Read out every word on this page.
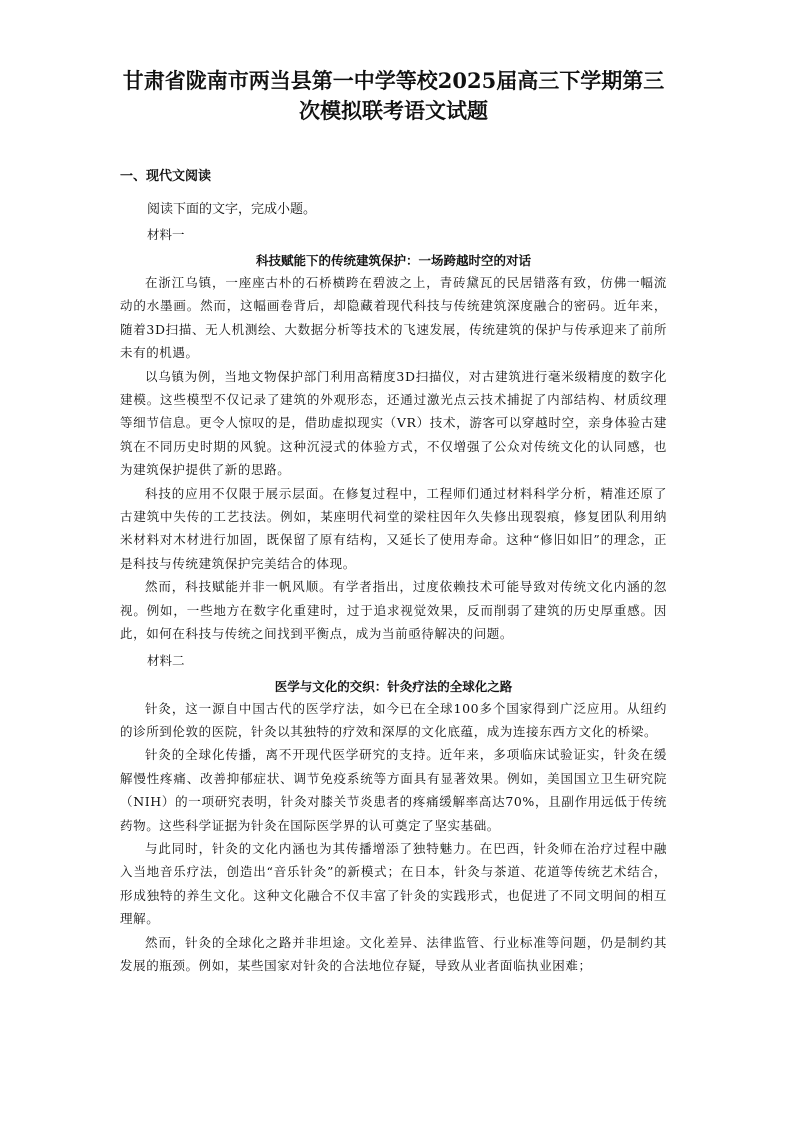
甘肃省陇南市两当县第一中学等校2025届高三下学期第三次模拟联考语文试题
一、现代文阅读
阅读下面的文字，完成小题。
材料一
科技赋能下的传统建筑保护：一场跨越时空的对话

在浙江乌镇，一座座古朴的石桥横跨在碧波之上，青砖黛瓦的民居错落有致，仿佛一幅流动的水墨画。然而，这幅画卷背后，却隐藏着现代科技与传统建筑深度融合的密码。近年来，随着3D扫描、无人机测绘、大数据分析等技术的飞速发展，传统建筑的保护与传承迎来了前所未有的机遇。

以乌镇为例，当地文物保护部门利用高精度3D扫描仪，对古建筑进行毫米级精度的数字化建模。这些模型不仅记录了建筑的外观形态，还通过激光点云技术捕捉了内部结构、材质纹理等细节信息。更令人惊叹的是，借助虚拟现实（VR）技术，游客可以穿越时空，亲身体验古建筑在不同历史时期的风貌。这种沉浸式的体验方式，不仅增强了公众对传统文化的认同感，也为建筑保护提供了新的思路。

科技的应用不仅限于展示层面。在修复过程中，工程师们通过材料科学分析，精准还原了古建筑中失传的工艺技法。例如，某座明代祠堂的梁柱因年久失修出现裂痕，修复团队利用纳米材料对木材进行加固，既保留了原有结构，又延长了使用寿命。这种“修旧如旧”的理念，正是科技与传统建筑保护完美结合的体现。

然而，科技赋能并非一帆风顺。有学者指出，过度依赖技术可能导致对传统文化内涵的忽视。例如，一些地方在数字化重建时，过于追求视觉效果，反而削弱了建筑的历史厚重感。因此，如何在科技与传统之间找到平衡点，成为当前亟待解决的问题。

材料二
医学与文化的交织：针灸疗法的全球化之路

针灸，这一源自中国古代的医学疗法，如今已在全球100多个国家得到广泛应用。从纽约的诊所到伦敦的医院，针灸以其独特的疗效和深厚的文化底蕴，成为连接东西方文化的桥梁。

针灸的全球化传播，离不开现代医学研究的支持。近年来，多项临床试验证实，针灸在缓解慢性疼痛、改善抑郁症状、调节免疫系统等方面具有显著效果。例如，美国国立卫生研究院（NIH）的一项研究表明，针灸对膝关节炎患者的疼痛缓解率高达70%，且副作用远低于传统药物。这些科学证据为针灸在国际医学界的认可奠定了坚实基础。

与此同时，针灸的文化内涵也为其传播增添了独特魅力。在巴西，针灸师在治疗过程中融入当地音乐疗法，创造出“音乐针灸”的新模式；在日本，针灸与茶道、花道等传统艺术结合，形成独特的养生文化。这种文化融合不仅丰富了针灸的实践形式，也促进了不同文明间的相互理解。

然而，针灸的全球化之路并非坦途。文化差异、法律监管、行业标准等问题，仍是制约其发展的瓶颈。例如，某些国家对针灸的合法地位存疑，导致从业者面临执业困难；
